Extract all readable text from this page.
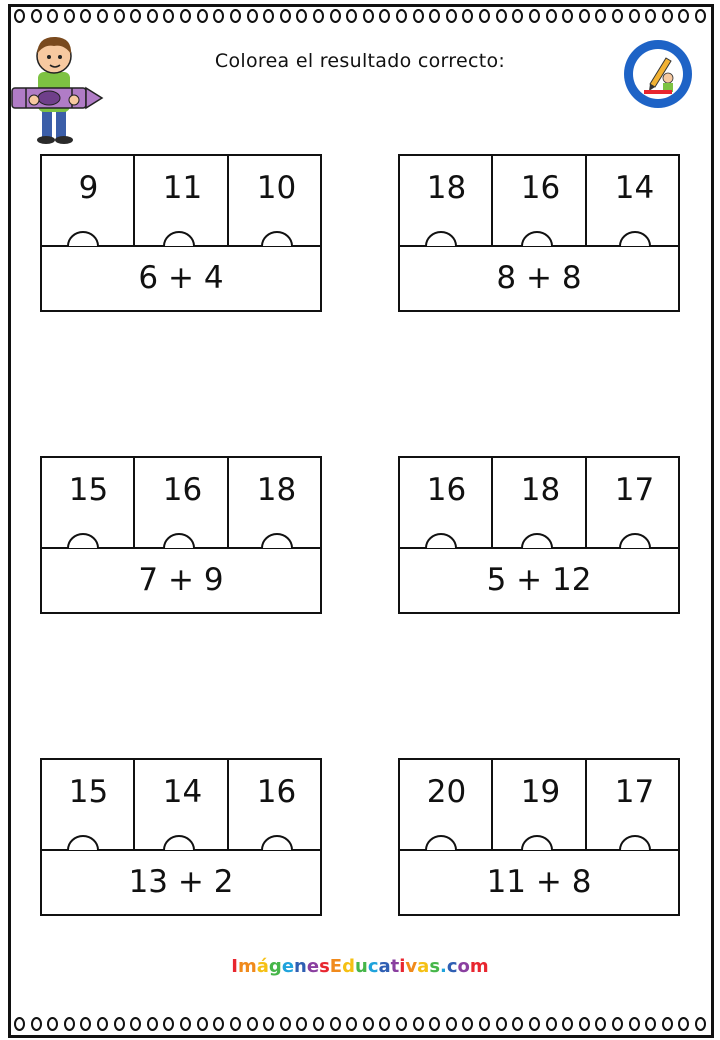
Colorea el resultado correcto:
9	11	10
6 + 4
18	16	14
8 + 8
15	16	18
7 + 9
16	18	17
5 + 12
15	14	16
13 + 2
20	19	17
11 + 8
ImágenesEducativas.com
